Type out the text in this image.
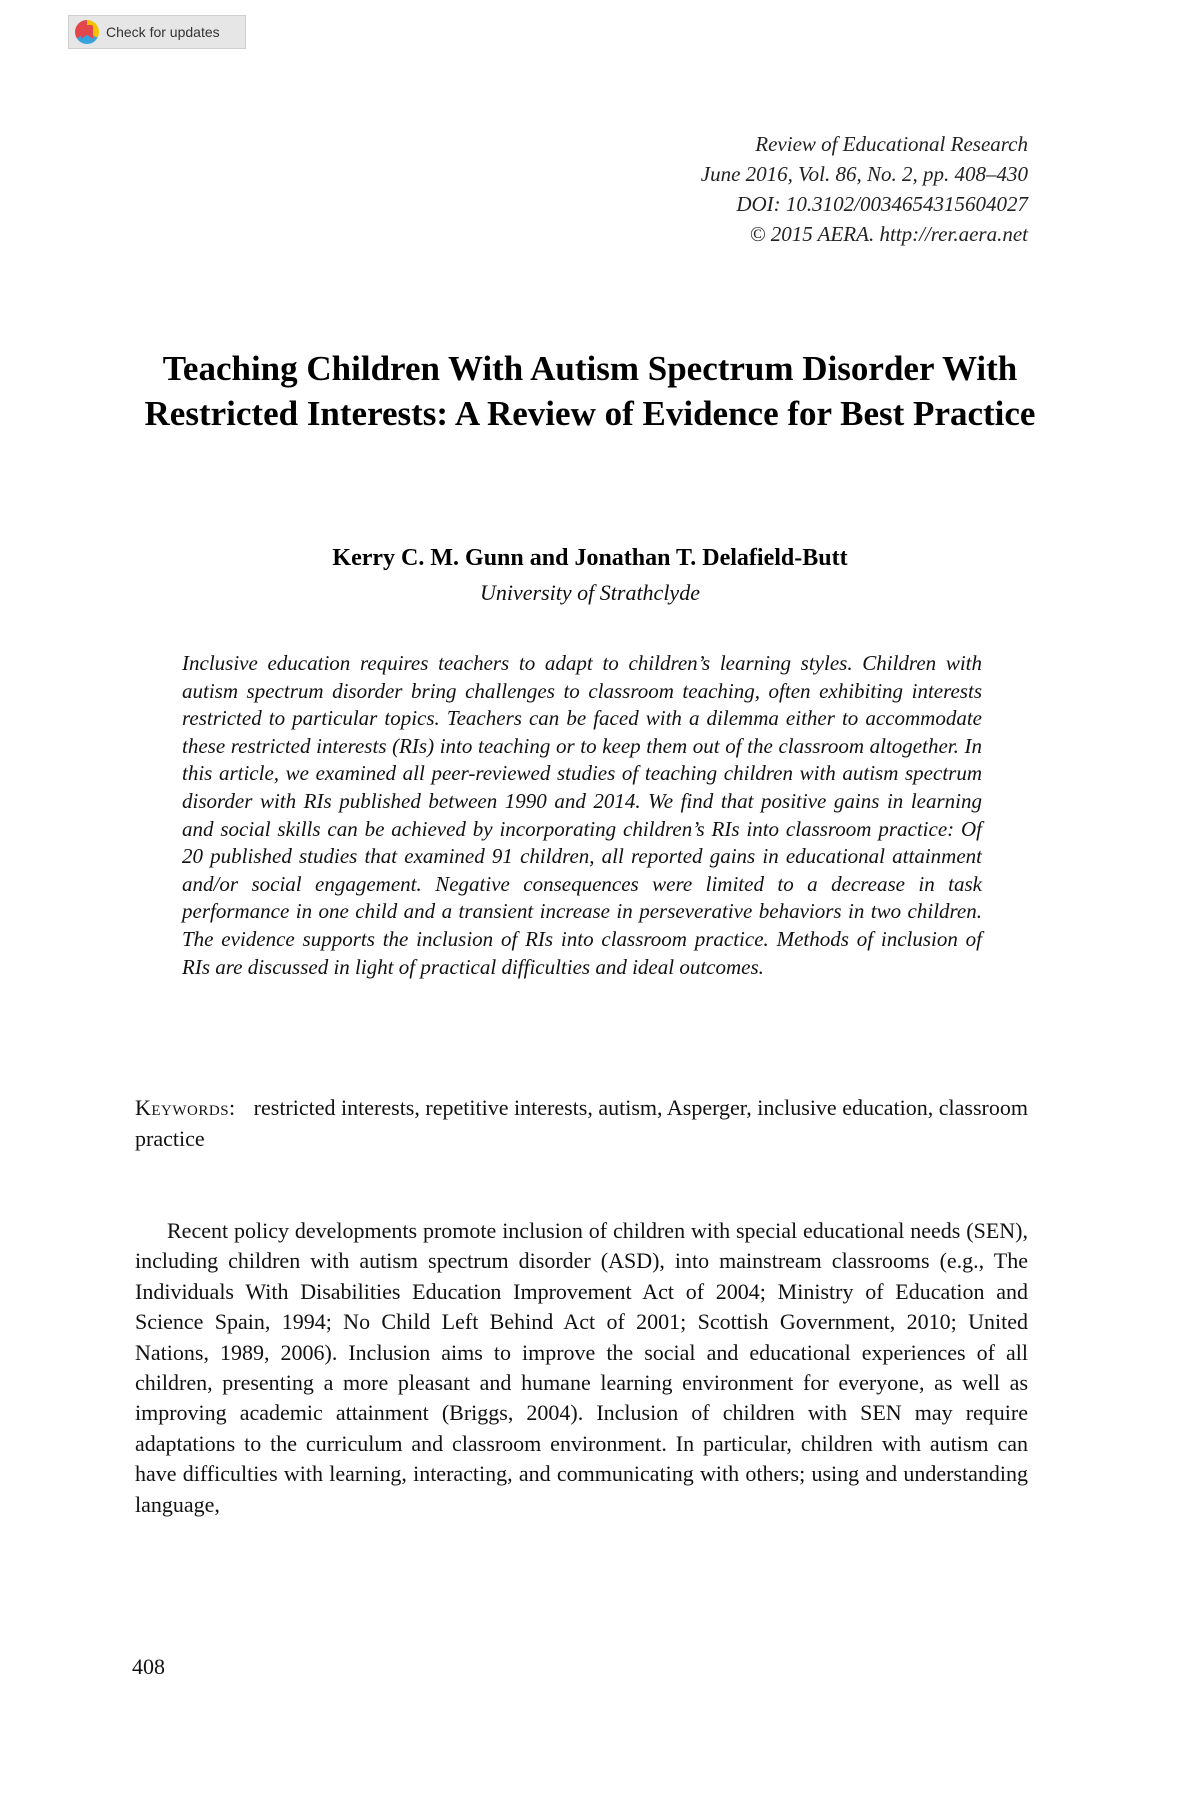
Check for updates
Review of Educational Research
June 2016, Vol. 86, No. 2, pp. 408–430
DOI: 10.3102/0034654315604027
© 2015 AERA. http://rer.aera.net
Teaching Children With Autism Spectrum Disorder With Restricted Interests: A Review of Evidence for Best Practice
Kerry C. M. Gunn and Jonathan T. Delafield-Butt
University of Strathclyde
Inclusive education requires teachers to adapt to children’s learning styles. Children with autism spectrum disorder bring challenges to classroom teaching, often exhibiting interests restricted to particular topics. Teachers can be faced with a dilemma either to accommodate these restricted interests (RIs) into teaching or to keep them out of the classroom altogether. In this article, we examined all peer-reviewed studies of teaching children with autism spectrum disorder with RIs published between 1990 and 2014. We find that positive gains in learning and social skills can be achieved by incorporating children’s RIs into classroom practice: Of 20 published studies that examined 91 children, all reported gains in educational attainment and/or social engagement. Negative consequences were limited to a decrease in task performance in one child and a transient increase in perseverative behaviors in two children. The evidence supports the inclusion of RIs into classroom practice. Methods of inclusion of RIs are discussed in light of practical difficulties and ideal outcomes.
Keywords: restricted interests, repetitive interests, autism, Asperger, inclusive education, classroom practice

Recent policy developments promote inclusion of children with special educational needs (SEN), including children with autism spectrum disorder (ASD), into mainstream classrooms (e.g., The Individuals With Disabilities Education Improvement Act of 2004; Ministry of Education and Science Spain, 1994; No Child Left Behind Act of 2001; Scottish Government, 2010; United Nations, 1989, 2006). Inclusion aims to improve the social and educational experiences of all children, presenting a more pleasant and humane learning environment for everyone, as well as improving academic attainment (Briggs, 2004). Inclusion of children with SEN may require adaptations to the curriculum and classroom environment. In particular, children with autism can have difficulties with learning, interacting, and communicating with others; using and understanding language,

408
